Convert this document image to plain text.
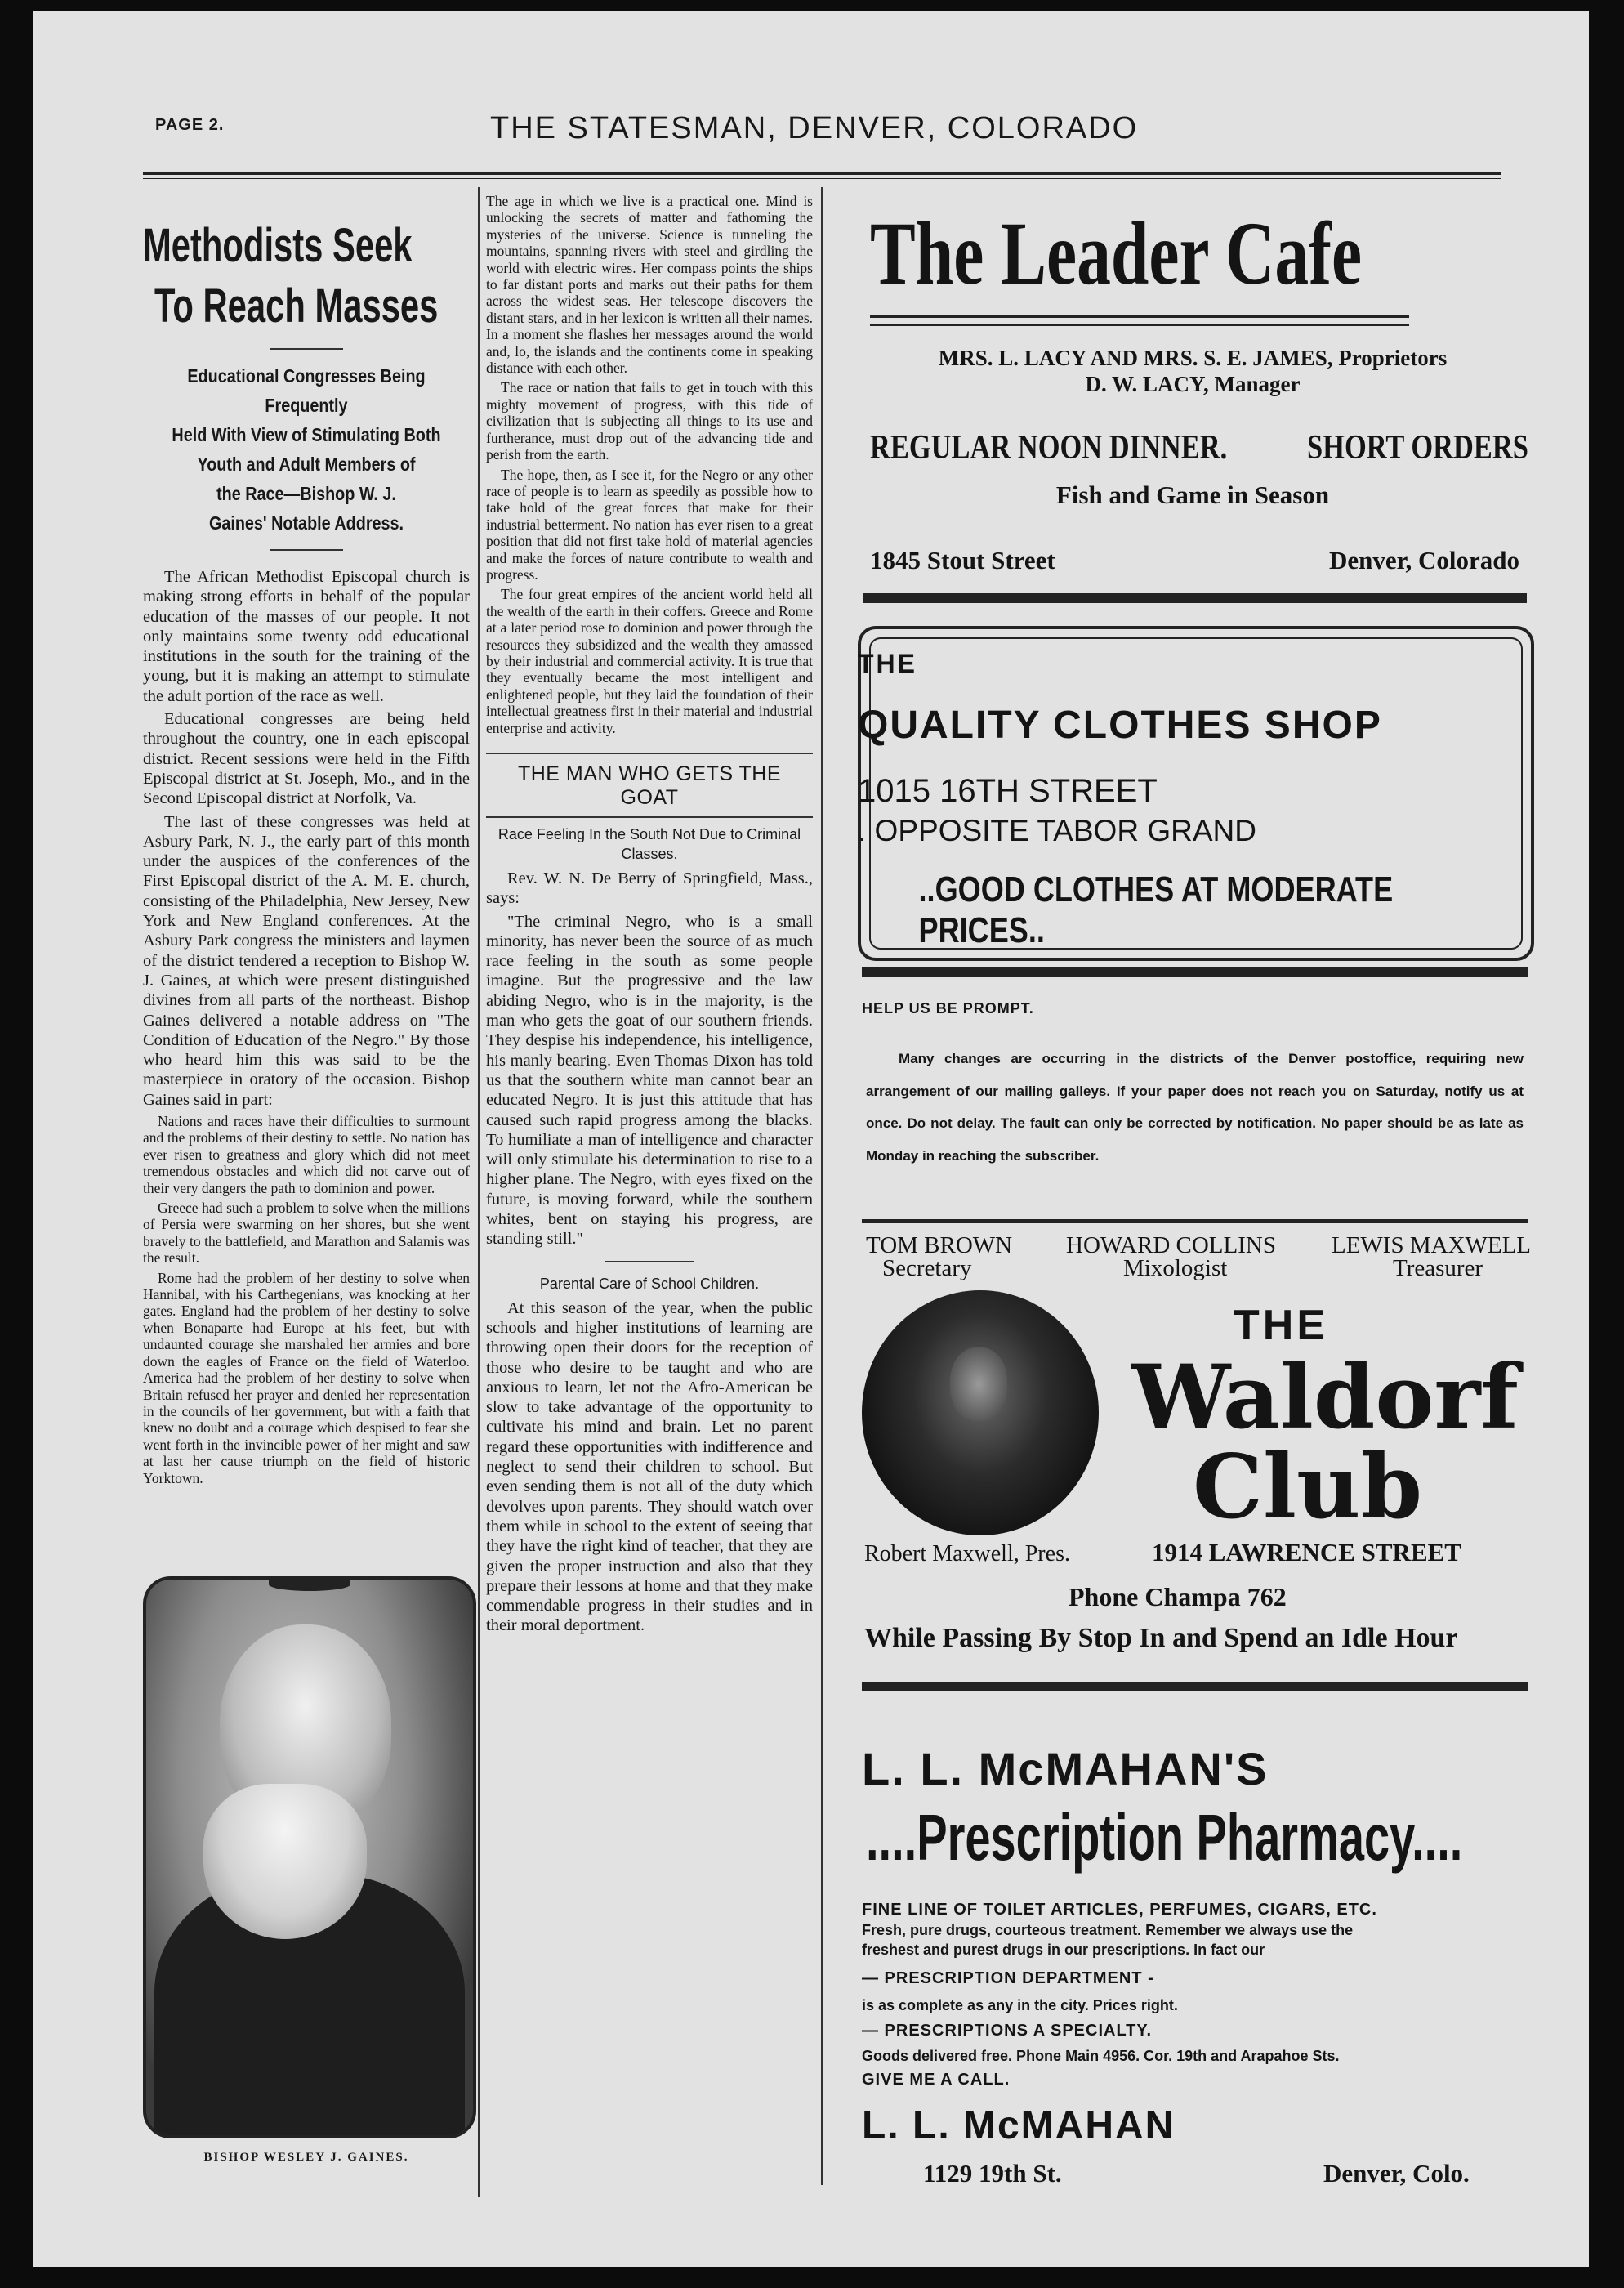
PAGE 2.	THE STATESMAN, DENVER, COLORADO
Methodists Seek
To Reach Masses
Educational Congresses Being Frequently
Held With View of Stimulating Both
Youth and Adult Members of
the Race—Bishop W. J.
Gaines' Notable Address.

The African Methodist Episcopal church is making strong efforts in behalf of the popular education of the masses of our people. It not only maintains some twenty odd educational institutions in the south for the training of the young, but it is making an attempt to stimulate the adult portion of the race as well.

Educational congresses are being held throughout the country, one in each episcopal district. Recent sessions were held in the Fifth Episcopal district at St. Joseph, Mo., and in the Second Episcopal district at Norfolk, Va.

The last of these congresses was held at Asbury Park, N. J., the early part of this month under the auspices of the conferences of the First Episcopal district of the A. M. E. church, consisting of the Philadelphia, New Jersey, New York and New England conferences. At the Asbury Park congress the ministers and laymen of the district tendered a reception to Bishop W. J. Gaines, at which were present distinguished divines from all parts of the northeast. Bishop Gaines delivered a notable address on "The Condition of Education of the Negro." By those who heard him this was said to be the masterpiece in oratory of the occasion. Bishop Gaines said in part:

Nations and races have their difficulties to surmount and the problems of their destiny to settle. No nation has ever risen to greatness and glory which did not meet tremendous obstacles and which did not carve out of their very dangers the path to dominion and power.

Greece had such a problem to solve when the millions of Persia were swarming on her shores, but she went bravely to the battlefield, and Marathon and Salamis was the result.

Rome had the problem of her destiny to solve when Hannibal, with his Carthegenians, was knocking at her gates. England had the problem of her destiny to solve when Bonaparte had Europe at his feet, but with undaunted courage she marshaled her armies and bore down the eagles of France on the field of Waterloo. America had the problem of her destiny to solve when Britain refused her prayer and denied her representation in the councils of her government, but with a faith that knew no doubt and a courage which despised to fear she went forth in the invincible power of her might and saw at last her cause triumph on the field of historic Yorktown.

BISHOP WESLEY J. GAINES.

The age in which we live is a practical one. Mind is unlocking the secrets of matter and fathoming the mysteries of the universe. Science is tunneling the mountains, spanning rivers with steel and girdling the world with electric wires. Her compass points the ships to far distant ports and marks out their paths for them across the widest seas. Her telescope discovers the distant stars, and in her lexicon is written all their names. In a moment she flashes her messages around the world and, lo, the islands and the continents come in speaking distance with each other.

The race or nation that fails to get in touch with this mighty movement of progress, with this tide of civilization that is subjecting all things to its use and furtherance, must drop out of the advancing tide and perish from the earth.

The hope, then, as I see it, for the Negro or any other race of people is to learn as speedily as possible how to take hold of the great forces that make for their industrial betterment. No nation has ever risen to a great position that did not first take hold of material agencies and make the forces of nature contribute to wealth and progress.

The four great empires of the ancient world held all the wealth of the earth in their coffers. Greece and Rome at a later period rose to dominion and power through the resources they subsidized and the wealth they amassed by their industrial and commercial activity. It is true that they eventually became the most intelligent and enlightened people, but they laid the foundation of their intellectual greatness first in their material and industrial enterprise and activity.

THE MAN WHO GETS THE GOAT
Race Feeling In the South Not Due to Criminal Classes.

Rev. W. N. De Berry of Springfield, Mass., says:

"The criminal Negro, who is a small minority, has never been the source of as much race feeling in the south as some people imagine. But the progressive and the law abiding Negro, who is in the majority, is the man who gets the goat of our southern friends. They despise his independence, his intelligence, his manly bearing. Even Thomas Dixon has told us that the southern white man cannot bear an educated Negro. It is just this attitude that has caused such rapid progress among the blacks. To humiliate a man of intelligence and character will only stimulate his determination to rise to a higher plane. The Negro, with eyes fixed on the future, is moving forward, while the southern whites, bent on staying his progress, are standing still."

Parental Care of School Children.

At this season of the year, when the public schools and higher institutions of learning are throwing open their doors for the reception of those who desire to be taught and who are anxious to learn, let not the Afro-American be slow to take advantage of the opportunity to cultivate his mind and brain. Let no parent regard these opportunities with indifference and neglect to send their children to school. But even sending them is not all of the duty which devolves upon parents. They should watch over them while in school to the extent of seeing that they have the right kind of teacher, that they are given the proper instruction and also that they prepare their lessons at home and that they make commendable progress in their studies and in their moral deportment.

The Leader Cafe
MRS. L. LACY AND MRS. S. E. JAMES, Proprietors
D. W. LACY, Manager
REGULAR NOON DINNER. SHORT ORDERS
Fish and Game in Season
1845 Stout Street	Denver, Colorado
THE
QUALITY CLOTHES SHOP
1015 16TH STREET
. OPPOSITE TABOR GRAND
..GOOD CLOTHES AT MODERATE PRICES..
HELP US BE PROMPT.
Many changes are occurring in the districts of the Denver postoffice, requiring new arrangement of our mailing galleys. If your paper does not reach you on Saturday, notify us at once. Do not delay. The fault can only be corrected by notification. No paper should be as late as Monday in reaching the subscriber.
TOM BROWN
Secretary
HOWARD COLLINS
Mixologist
LEWIS MAXWELL
Treasurer
THE
Waldorf
Club
Robert Maxwell, Pres.	1914 LAWRENCE STREET
Phone Champa 762
While Passing By Stop In and Spend an Idle Hour
L. L. McMAHAN'S
....Prescription Pharmacy....
FINE LINE OF TOILET ARTICLES, PERFUMES, CIGARS, ETC.
Fresh, pure drugs, courteous treatment. Remember we always use the
freshest and purest drugs in our prescriptions. In fact our
— PRESCRIPTION DEPARTMENT -
is as complete as any in the city. Prices right.
— PRESCRIPTIONS A SPECIALTY.
Goods delivered free. Phone Main 4956. Cor. 19th and Arapahoe Sts.
GIVE ME A CALL.
L. L. McMAHAN
1129 19th St.	Denver, Colo.
